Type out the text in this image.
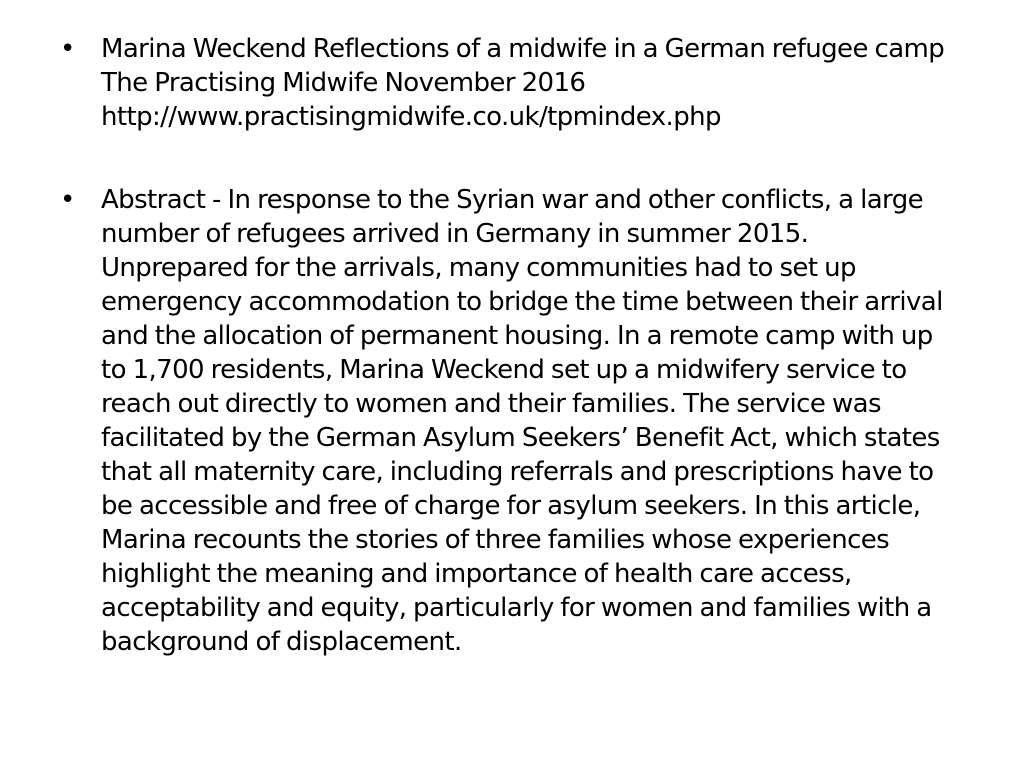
•	Marina Weckend Reflections of a midwife in a German refugee camp The Practising Midwife November 2016 http://www.practisingmidwife.co.uk/tpmindex.php
•	Abstract - In response to the Syrian war and other conflicts, a large number of refugees arrived in Germany in summer 2015. Unprepared for the arrivals, many communities had to set up emergency accommodation to bridge the time between their arrival and the allocation of permanent housing. In a remote camp with up to 1,700 residents, Marina Weckend set up a midwifery service to reach out directly to women and their families. The service was facilitated by the German Asylum Seekers’ Benefit Act, which states that all maternity care, including referrals and prescriptions have to be accessible and free of charge for asylum seekers. In this article, Marina recounts the stories of three families whose experiences highlight the meaning and importance of health care access, acceptability and equity, particularly for women and families with a background of displacement.
